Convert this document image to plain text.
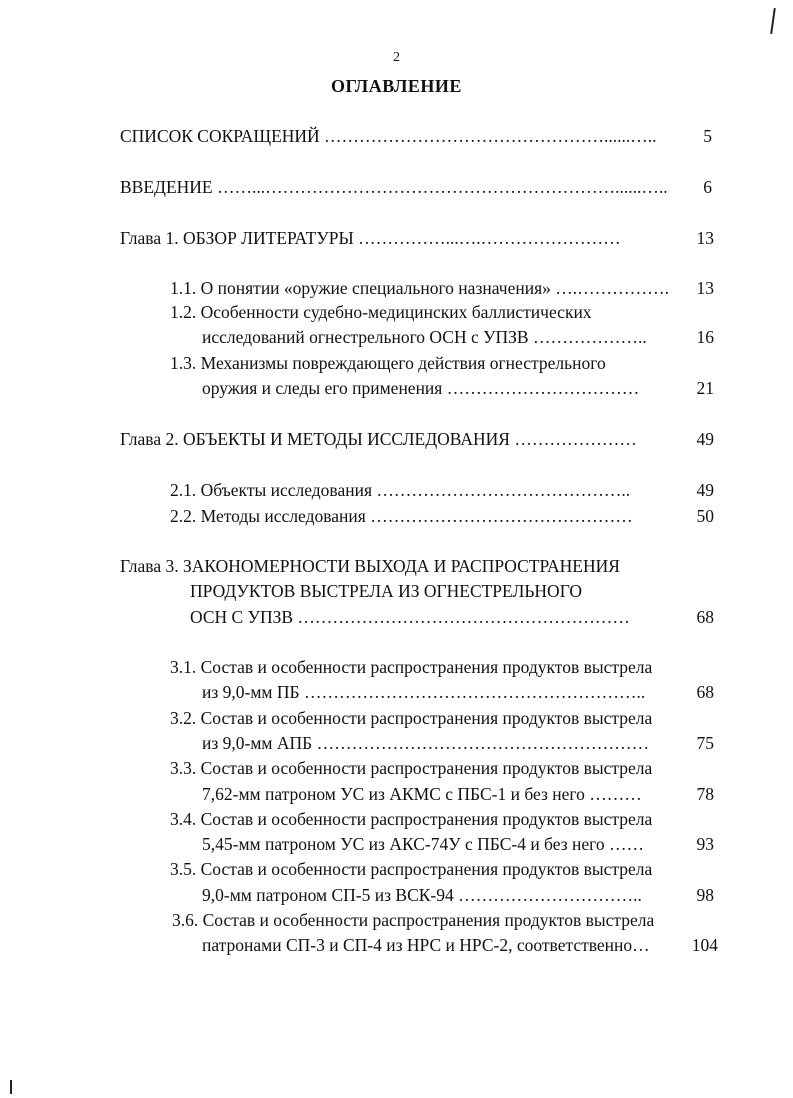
2
ОГЛАВЛЕНИЕ
СПИСОК СОКРАЩЕНИЙ …………………………………………......…..	5
ВВЕДЕНИЕ ……...……………………………………………………......…..	6
Глава 1. ОБЗОР ЛИТЕРАТУРЫ ……………...….……………………	13
1.1. О понятии «оружие специального назначения» ….…………….	13
1.2. Особенности судебно-медицинских баллистических
исследований огнестрельного ОСН с УПЗВ ………………..	16
1.3. Механизмы повреждающего действия огнестрельного
оружия и следы его применения ……………………………	21
Глава 2. ОБЪЕКТЫ И МЕТОДЫ ИССЛЕДОВАНИЯ …………………	49
2.1. Объекты исследования ……………………………………..	49
2.2. Методы исследования ………………………………………	50
Глава 3. ЗАКОНОМЕРНОСТИ ВЫХОДА И РАСПРОСТРАНЕНИЯ
ПРОДУКТОВ ВЫСТРЕЛА ИЗ ОГНЕСТРЕЛЬНОГО
ОСН С УПЗВ …………………………………………………	68
3.1. Состав и особенности распространения продуктов выстрела
из 9,0-мм ПБ …………………………………………………..	68
3.2. Состав и особенности распространения продуктов выстрела
из 9,0-мм АПБ …………………………………………………	75
3.3. Состав и особенности распространения продуктов выстрела
7,62-мм патроном УС из АКМС с ПБС-1 и без него ………	78
3.4. Состав и особенности распространения продуктов выстрела
5,45-мм патроном УС из АКС-74У с ПБС-4 и без него ……	93
3.5. Состав и особенности распространения продуктов выстрела
9,0-мм патроном СП-5 из ВСК-94 …………………………..	98
3.6. Состав и особенности распространения продуктов выстрела
патронами СП-3 и СП-4 из НРС и НРС-2, соответственно…	104
